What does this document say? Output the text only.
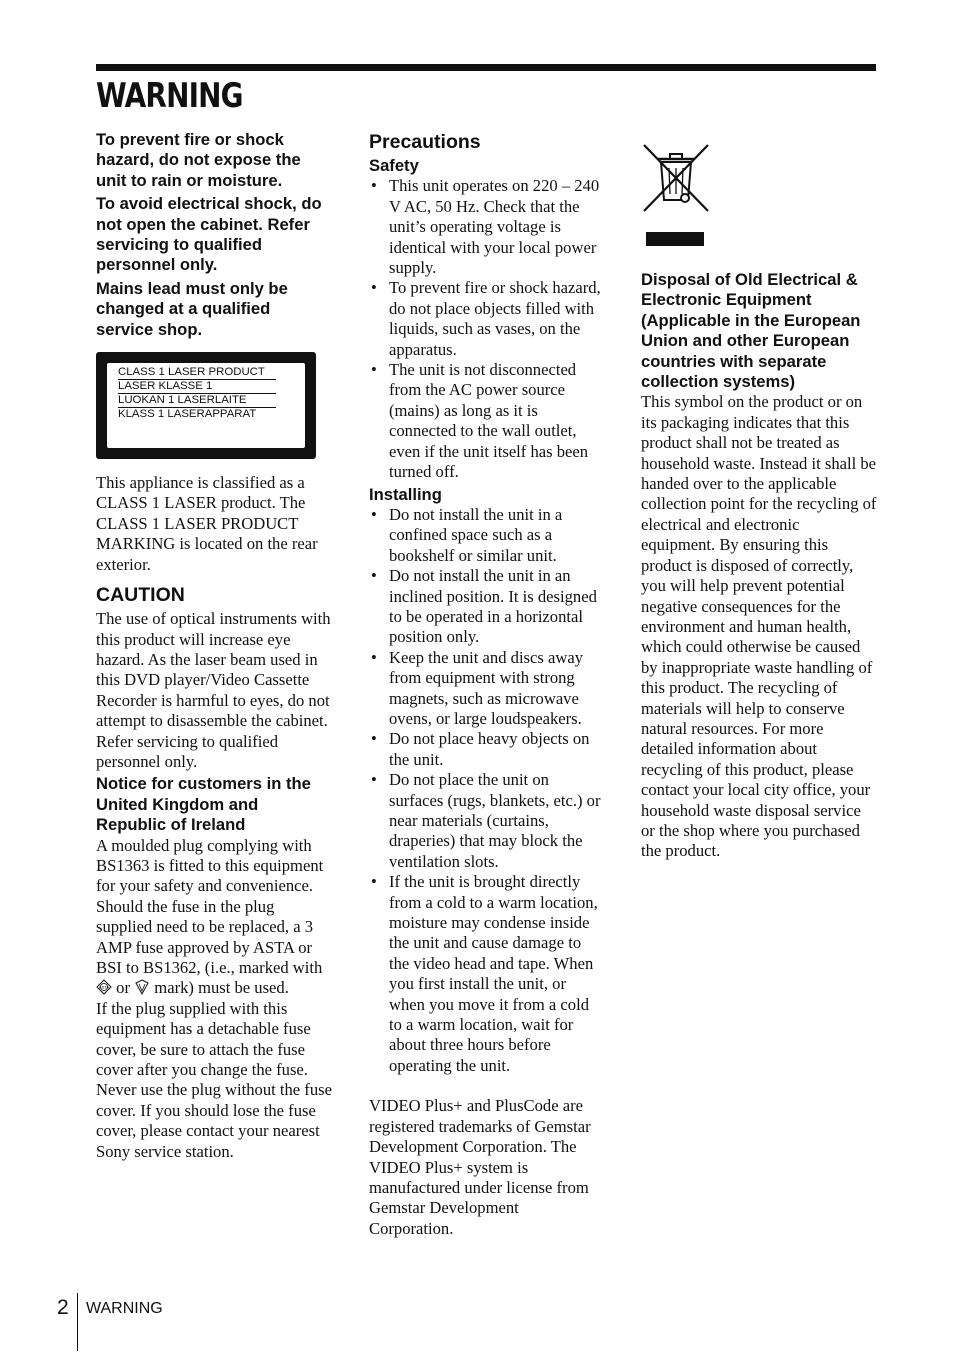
WARNING

To prevent fire or shock hazard, do not expose the unit to rain or moisture.

To avoid electrical shock, do not open the cabinet. Refer servicing to qualified personnel only.

Mains lead must only be changed at a qualified service shop.

CLASS 1 LASER PRODUCT
LASER KLASSE 1
LUOKAN 1 LASERLAITE
KLASS 1 LASERAPPARAT

This appliance is classified as a CLASS 1 LASER product. The CLASS 1 LASER PRODUCT MARKING is located on the rear exterior.

CAUTION

The use of optical instruments with this product will increase eye hazard. As the laser beam used in this DVD player/Video Cassette Recorder is harmful to eyes, do not attempt to disassemble the cabinet.

Refer servicing to qualified personnel only.

Notice for customers in the United Kingdom and Republic of Ireland

A moulded plug complying with BS1363 is fitted to this equipment for your safety and convenience.

Should the fuse in the plug supplied need to be replaced, a 3 AMP fuse approved by ASTA or BSI to BS1362, (i.e., marked with
ASTA or mark) must be used.

If the plug supplied with this equipment has a detachable fuse cover, be sure to attach the fuse cover after you change the fuse. Never use the plug without the fuse cover. If you should lose the fuse cover, please contact your nearest Sony service station.

Precautions
Safety
• This unit operates on 220 – 240 V AC, 50 Hz. Check that the unit’s operating voltage is identical with your local power supply.
• To prevent fire or shock hazard, do not place objects filled with liquids, such as vases, on the apparatus.
• The unit is not disconnected from the AC power source (mains) as long as it is connected to the wall outlet, even if the unit itself has been turned off.
Installing
• Do not install the unit in a confined space such as a bookshelf or similar unit.
• Do not install the unit in an inclined position. It is designed to be operated in a horizontal position only.
• Keep the unit and discs away from equipment with strong magnets, such as microwave ovens, or large loudspeakers.
• Do not place heavy objects on the unit.
• Do not place the unit on surfaces (rugs, blankets, etc.) or near materials (curtains, draperies) that may block the ventilation slots.
• If the unit is brought directly from a cold to a warm location, moisture may condense inside the unit and cause damage to the video head and tape. When you first install the unit, or when you move it from a cold to a warm location, wait for about three hours before operating the unit.

VIDEO Plus+ and PlusCode are registered trademarks of Gemstar Development Corporation. The VIDEO Plus+ system is manufactured under license from Gemstar Development Corporation.

Disposal of Old Electrical & Electronic Equipment (Applicable in the European Union and other European countries with separate collection systems)

This symbol on the product or on its packaging indicates that this product shall not be treated as household waste. Instead it shall be handed over to the applicable collection point for the recycling of electrical and electronic equipment. By ensuring this product is disposed of correctly, you will help prevent potential negative consequences for the environment and human health, which could otherwise be caused by inappropriate waste handling of this product. The recycling of materials will help to conserve natural resources. For more detailed information about recycling of this product, please contact your local city office, your household waste disposal service or the shop where you purchased the product.

2 WARNING
